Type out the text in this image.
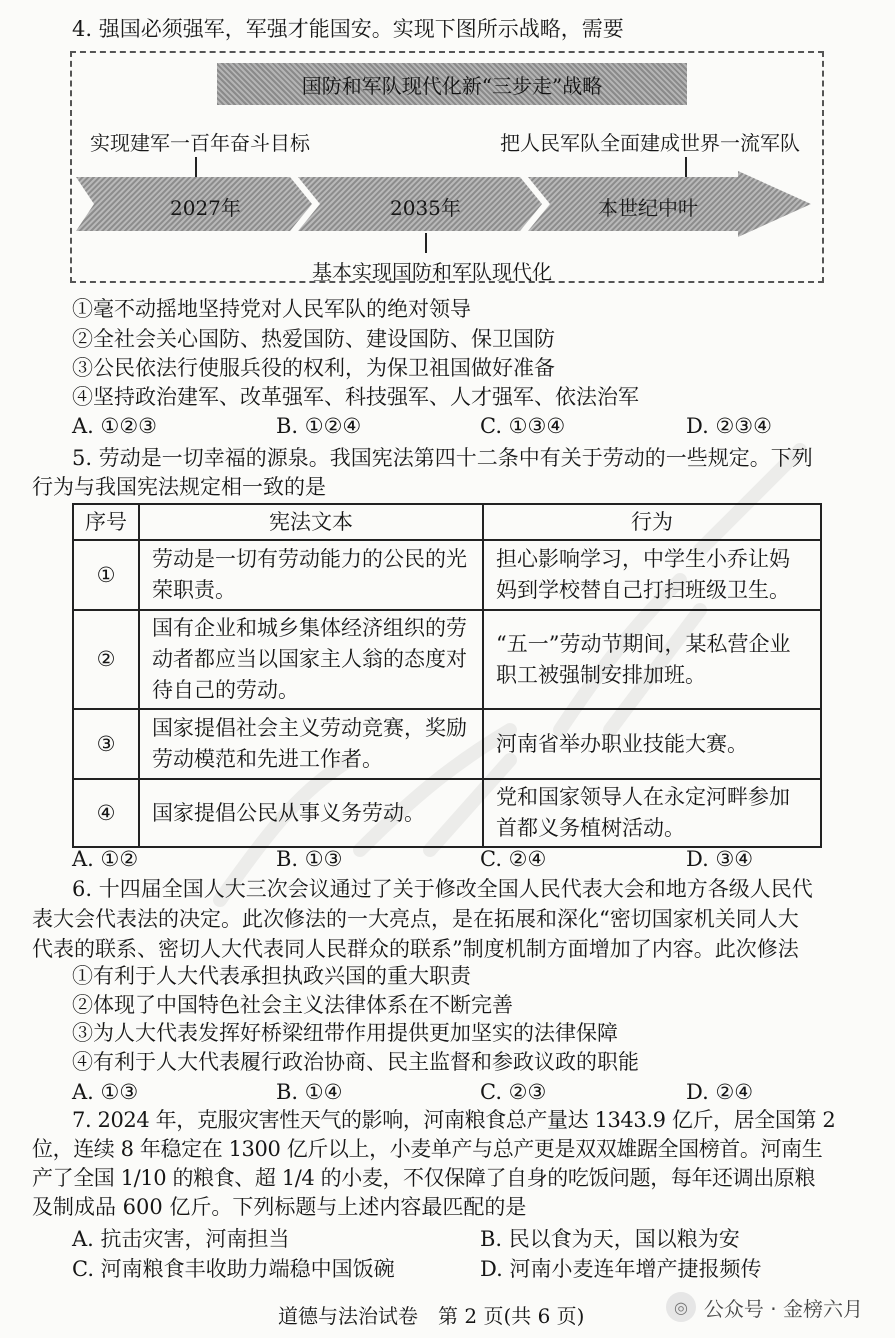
4. 强国必须强军，军强才能国安。实现下图所示战略，需要
国防和军队现代化新“三步走”战略
实现建军一百年奋斗目标	把人民军队全面建成世界一流军队
2027年	2035年	本世纪中叶
基本实现国防和军队现代化
①毫不动摇地坚持党对人民军队的绝对领导
②全社会关心国防、热爱国防、建设国防、保卫国防
③公民依法行使服兵役的权利，为保卫祖国做好准备
④坚持政治建军、改革强军、科技强军、人才强军、依法治军
A. ①②③	B. ①②④	C. ①③④	D. ②③④
5. 劳动是一切幸福的源泉。我国宪法第四十二条中有关于劳动的一些规定。下列
行为与我国宪法规定相一致的是
序号	宪法文本	行为
①	劳动是一切有劳动能力的公民的光荣职责。	担心影响学习，中学生小乔让妈妈到学校替自己打扫班级卫生。
②	国有企业和城乡集体经济组织的劳动者都应当以国家主人翁的态度对待自己的劳动。	“五一”劳动节期间，某私营企业职工被强制安排加班。
③	国家提倡社会主义劳动竞赛，奖励劳动模范和先进工作者。	河南省举办职业技能大赛。
④	国家提倡公民从事义务劳动。	党和国家领导人在永定河畔参加首都义务植树活动。
A. ①②	B. ①③	C. ②④	D. ③④
6. 十四届全国人大三次会议通过了关于修改全国人民代表大会和地方各级人民代
表大会代表法的决定。此次修法的一大亮点，是在拓展和深化“密切国家机关同人大
代表的联系、密切人大代表同人民群众的联系”制度机制方面增加了内容。此次修法
①有利于人大代表承担执政兴国的重大职责
②体现了中国特色社会主义法律体系在不断完善
③为人大代表发挥好桥梁纽带作用提供更加坚实的法律保障
④有利于人大代表履行政治协商、民主监督和参政议政的职能
A. ①③	B. ①④	C. ②③	D. ②④
7. 2024 年，克服灾害性天气的影响，河南粮食总产量达 1343.9 亿斤，居全国第 2
位，连续 8 年稳定在 1300 亿斤以上，小麦单产与总产更是双双雄踞全国榜首。河南生
产了全国 1/10 的粮食、超 1/4 的小麦，不仅保障了自身的吃饭问题，每年还调出原粮
及制成品 600 亿斤。下列标题与上述内容最匹配的是
A. 抗击灾害，河南担当	B. 民以食为天，国以粮为安
C. 河南粮食丰收助力端稳中国饭碗	D. 河南小麦连年增产捷报频传
道德与法治试卷　第 2 页(共 6 页)	◎ 公众号 · 金榜六月
